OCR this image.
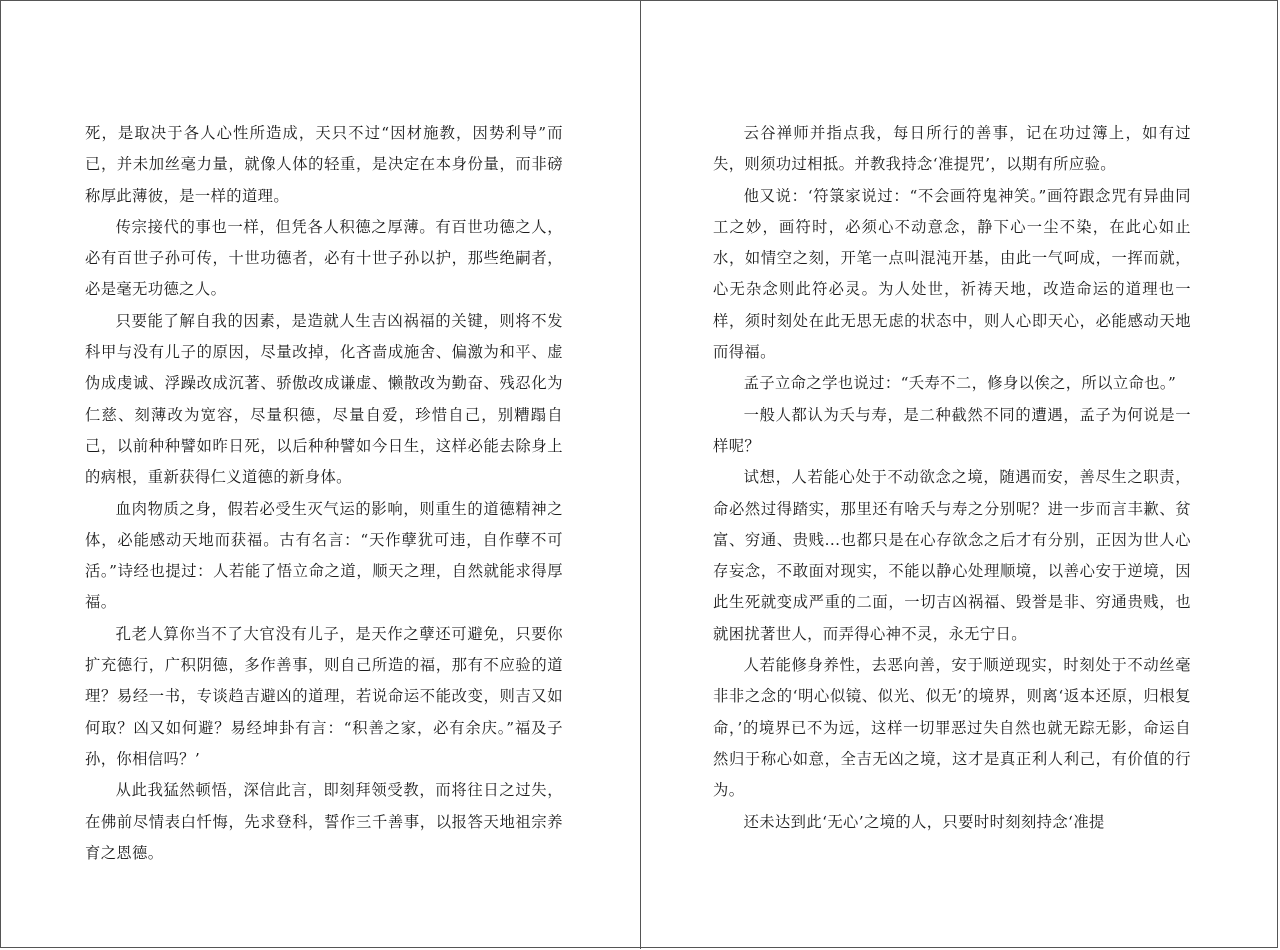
死，是取决于各人心性所造成，天只不过“因材施教，因势利导”而已，并未加丝毫力量，就像人体的轻重，是决定在本身份量，而非磅称厚此薄彼，是一样的道理。

传宗接代的事也一样，但凭各人积德之厚薄。有百世功德之人，必有百世子孙可传，十世功德者，必有十世子孙以护，那些绝嗣者，必是毫无功德之人。

只要能了解自我的因素，是造就人生吉凶祸福的关键，则将不发科甲与没有儿子的原因，尽量改掉，化吝啬成施舍、偏激为和平、虚伪成虔诚、浮躁改成沉著、骄傲改成谦虚、懒散改为勤奋、残忍化为仁慈、刻薄改为宽容，尽量积德，尽量自爱，珍惜自己，别糟蹋自己，以前种种譬如昨日死，以后种种譬如今日生，这样必能去除身上的病根，重新获得仁义道德的新身体。

血肉物质之身，假若必受生灭气运的影响，则重生的道德精神之体，必能感动天地而获福。古有名言：“天作孽犹可违，自作孽不可活。”诗经也提过：人若能了悟立命之道，顺天之理，自然就能求得厚福。

孔老人算你当不了大官没有儿子，是天作之孽还可避免，只要你扩充德行，广积阴德，多作善事，则自己所造的福，那有不应验的道理？易经一书，专谈趋吉避凶的道理，若说命运不能改变，则吉又如何取？凶又如何避？易经坤卦有言：“积善之家，必有余庆。”福及子孙，你相信吗？’

从此我猛然顿悟，深信此言，即刻拜领受教，而将往日之过失，在佛前尽情表白忏悔，先求登科，誓作三千善事，以报答天地祖宗养育之恩德。

云谷禅师并指点我，每日所行的善事，记在功过簿上，如有过失，则须功过相抵。并教我持念‘准提咒’，以期有所应验。

他又说：‘符箓家说过：“不会画符鬼神笑。”画符跟念咒有异曲同工之妙，画符时，必须心不动意念，静下心一尘不染，在此心如止水，如情空之刻，开笔一点叫混沌开基，由此一气呵成，一挥而就，心无杂念则此符必灵。为人处世，祈祷天地，改造命运的道理也一样，须时刻处在此无思无虑的状态中，则人心即天心，必能感动天地而得福。

孟子立命之学也说过：“夭寿不二，修身以俟之，所以立命也。”

一般人都认为夭与寿，是二种截然不同的遭遇，孟子为何说是一样呢？

试想，人若能心处于不动欲念之境，随遇而安，善尽生之职责，命必然过得踏实，那里还有啥夭与寿之分别呢？进一步而言丰歉、贫富、穷通、贵贱...也都只是在心存欲念之后才有分别，正因为世人心存妄念，不敢面对现实，不能以静心处理顺境，以善心安于逆境，因此生死就变成严重的二面，一切吉凶祸福、毁誉是非、穷通贵贱，也就困扰著世人，而弄得心神不灵，永无宁日。

人若能修身养性，去恶向善，安于顺逆现实，时刻处于不动丝毫非非之念的‘明心似镜、似光、似无’的境界，则离‘返本还原，归根复命，’的境界已不为远，这样一切罪恶过失自然也就无踪无影，命运自然归于称心如意，全吉无凶之境，这才是真正利人利己，有价值的行为。

还未达到此‘无心’之境的人，只要时时刻刻持念‘准提
